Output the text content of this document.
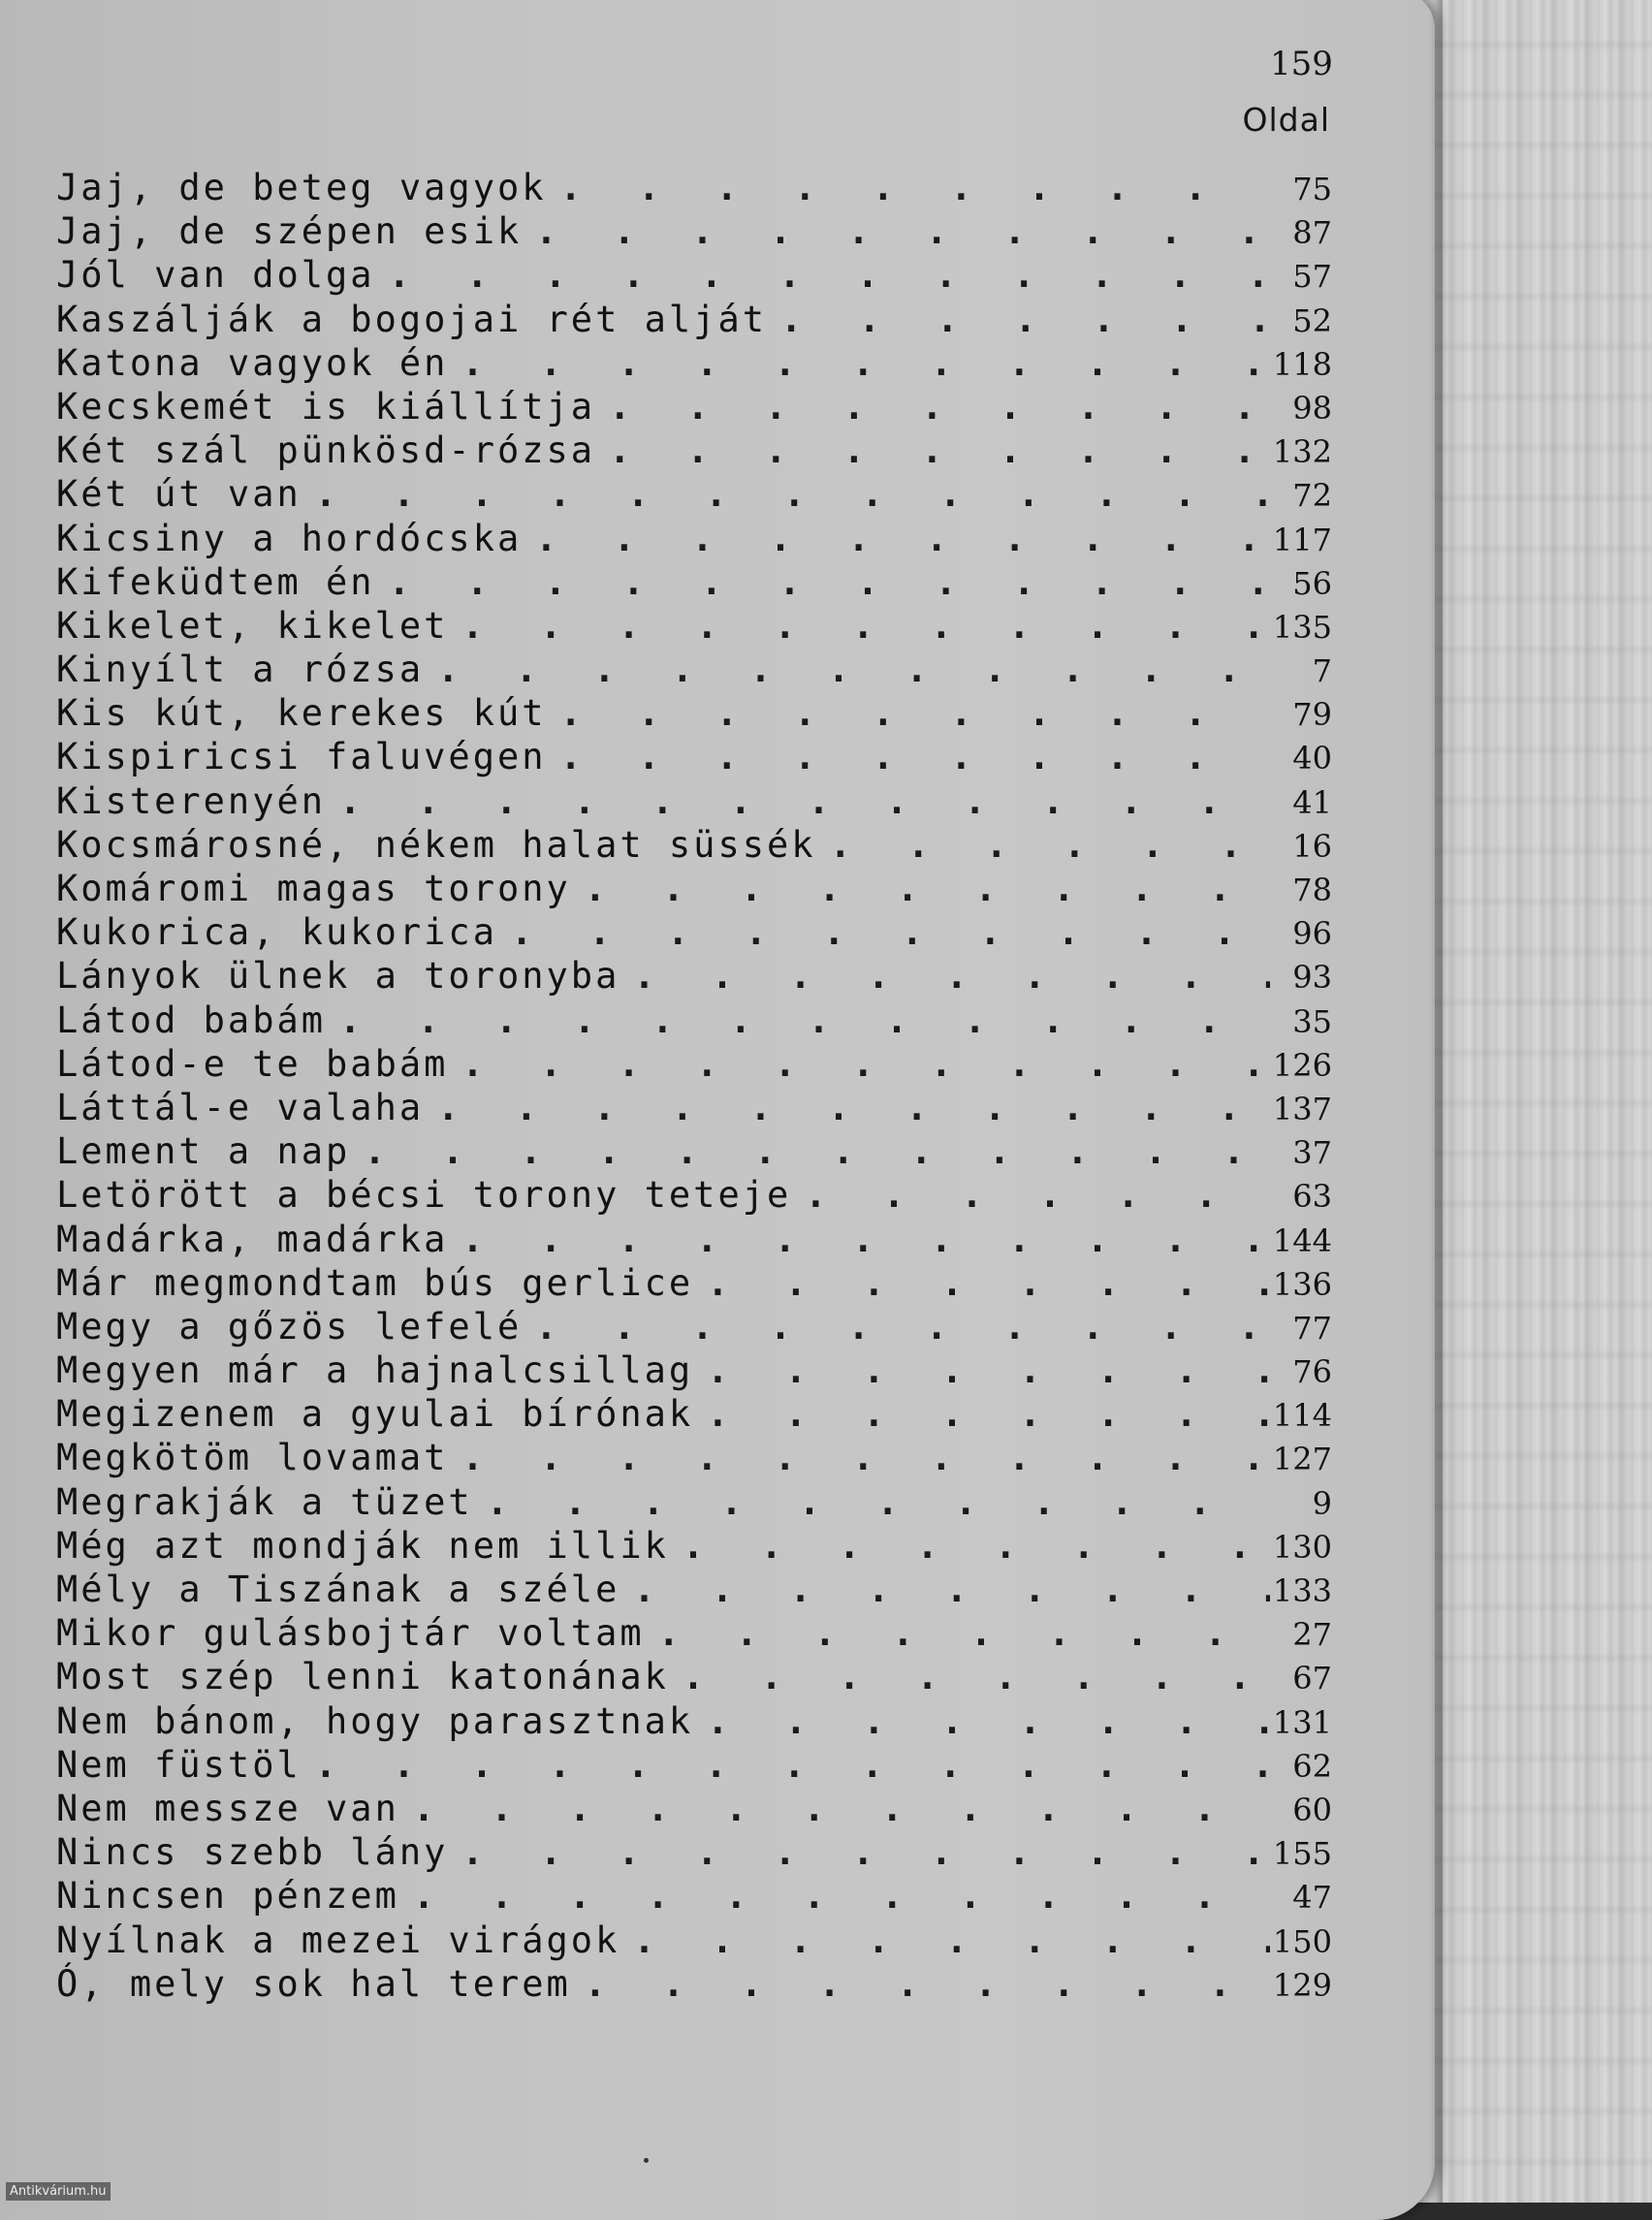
159
Oldal
Jaj, de beteg vagyok . . .	75
Jaj, de szépen esik . . .	87
Jól van dolga . . .	57
Kaszálják a bogojai rét alját . . .	52
Katona vagyok én . . .	118
Kecskemét is kiállítja . . .	98
Két szál pünkösd-rózsa . . .	132
Két út van . . .	72
Kicsiny a hordócska . . .	117
Kifeküdtem én . . .	56
Kikelet, kikelet . . .	135
Kinyílt a rózsa . . .	7
Kis kút, kerekes kút . . .	79
Kispiricsi faluvégen . . .	40
Kisterenyén . . .	41
Kocsmárosné, nékem halat süssék . . .	16
Komáromi magas torony . . .	78
Kukorica, kukorica . . .	96
Lányok ülnek a toronyba . . .	93
Látod babám . . .	35
Látod-e te babám . . .	126
Láttál-e valaha . . .	137
Lement a nap . . .	37
Letörött a bécsi torony teteje . . .	63
Madárka, madárka . . .	144
Már megmondtam bús gerlice . . .	136
Megy a gőzös lefelé . . .	77
Megyen már a hajnalcsillag . . .	76
Megizenem a gyulai bírónak . . .	114
Megkötöm lovamat . . .	127
Megrakják a tüzet . . .	9
Még azt mondják nem illik . . .	130
Mély a Tiszának a széle . . .	133
Mikor gulásbojtár voltam . . .	27
Most szép lenni katonának . . .	67
Nem bánom, hogy parasztnak . . .	131
Nem füstöl . . .	62
Nem messze van . . .	60
Nincs szebb lány . . .	155
Nincsen pénzem . . .	47
Nyílnak a mezei virágok . . .	150
Ó, mely sok hal terem . . .	129
Antikvárium.hu
